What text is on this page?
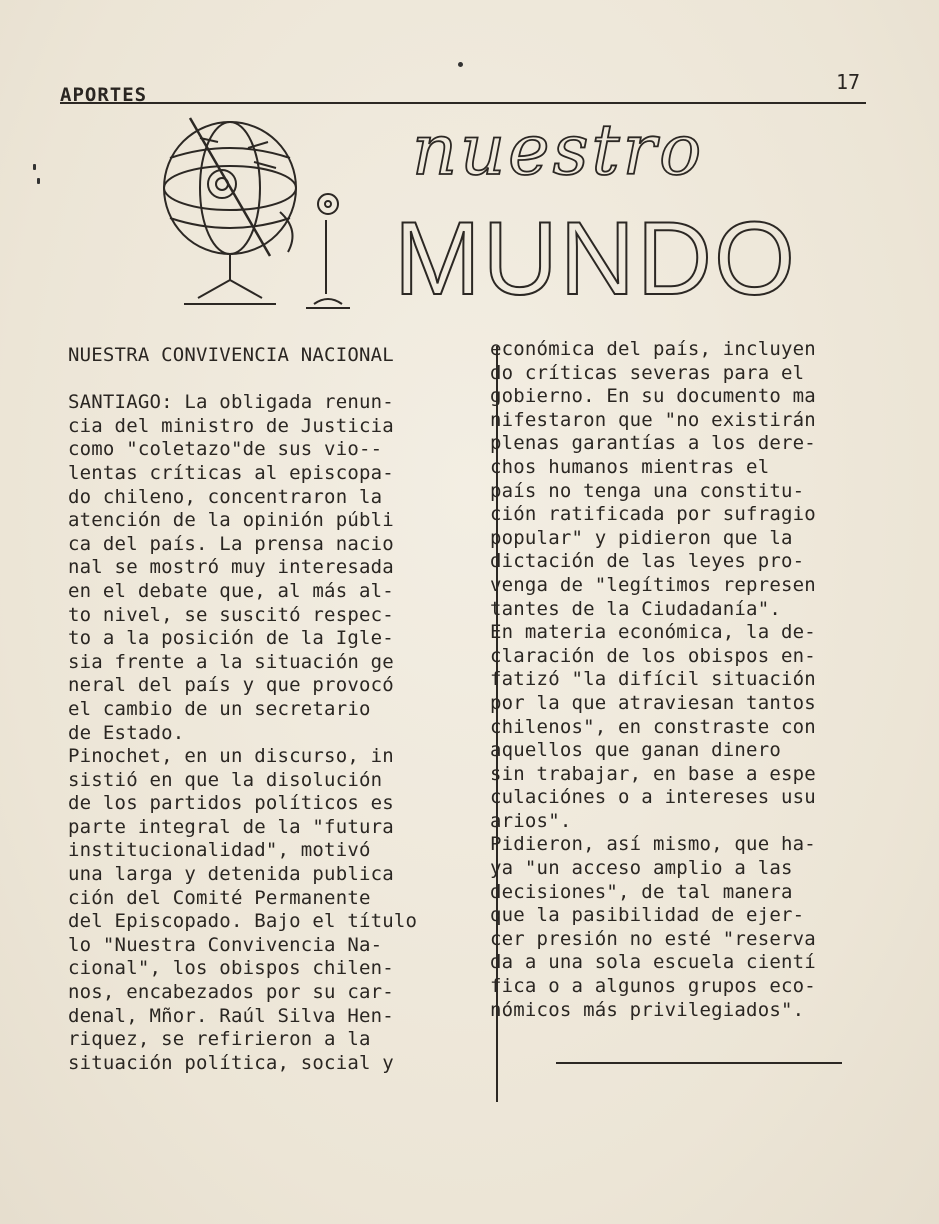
APORTES
17
nuestro
MUNDO
NUESTRA CONVIVENCIA NACIONAL

SANTIAGO: La obligada renun-
cia del ministro de Justicia
como "coletazo"de sus vio--
lentas críticas al episcopa-
do chileno, concentraron la
atención de la opinión públi
ca del país. La prensa nacio
nal se mostró muy interesada
en el debate que, al más al-
to nivel, se suscitó respec-
to a la posición de la Igle-
sia frente a la situación ge
neral del país y que provocó
el cambio de un secretario
de Estado.
Pinochet, en un discurso, in
sistió en que la disolución
de los partidos políticos es
parte integral de la "futura
institucionalidad", motivó
una larga y detenida publica
ción del Comité Permanente
del Episcopado. Bajo el título
lo "Nuestra Convivencia Na-
cional", los obispos chilen-
nos, encabezados por su car-
denal, Mñor. Raúl Silva Hen-
riquez, se refirieron a la
situación política, social y
económica del país, incluyen
do críticas severas para el
gobierno. En su documento ma
nifestaron que "no existirán
plenas garantías a los dere-
chos humanos mientras el
país no tenga una constitu-
ción ratificada por sufragio
popular" y pidieron que la
dictación de las leyes pro-
venga de "legítimos represen
tantes de la Ciudadanía".
En materia económica, la de-
claración de los obispos en-
fatizó "la difícil situación
por la que atraviesan tantos
chilenos", en constraste con
aquellos que ganan dinero
sin trabajar, en base a espe
culaciónes o a intereses usu
arios".
Pidieron, así mismo, que ha-
ya "un acceso amplio a las
decisiones", de tal manera
que la pasibilidad de ejer-
cer presión no esté "reserva
da a una sola escuela cientí
fica o a algunos grupos eco-
nómicos más privilegiados".
